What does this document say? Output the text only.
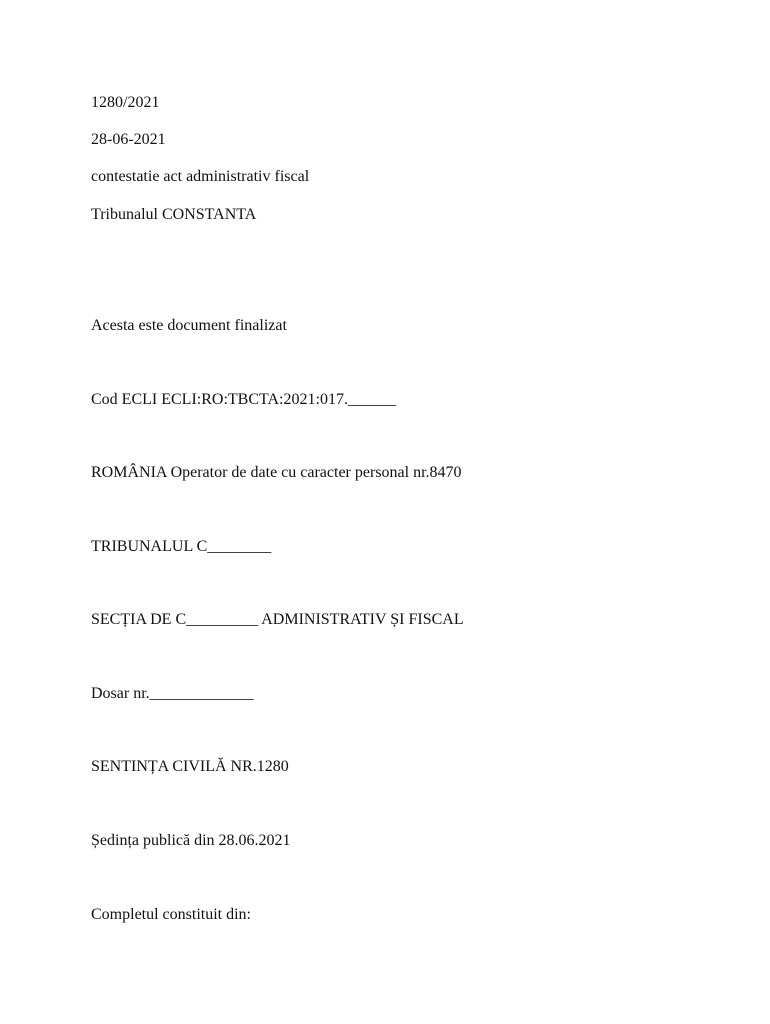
1280/2021
28-06-2021
contestatie act administrativ fiscal
Tribunalul CONSTANTA
Acesta este document finalizat
Cod ECLI ECLI:RO:TBCTA:2021:017.______
ROMÂNIA Operator de date cu caracter personal nr.8470
TRIBUNALUL C________
SECȚIA DE C_________ ADMINISTRATIV ȘI FISCAL
Dosar nr._____________
SENTINȚA CIVILĂ NR.1280
Ședința publică din 28.06.2021
Completul constituit din:
